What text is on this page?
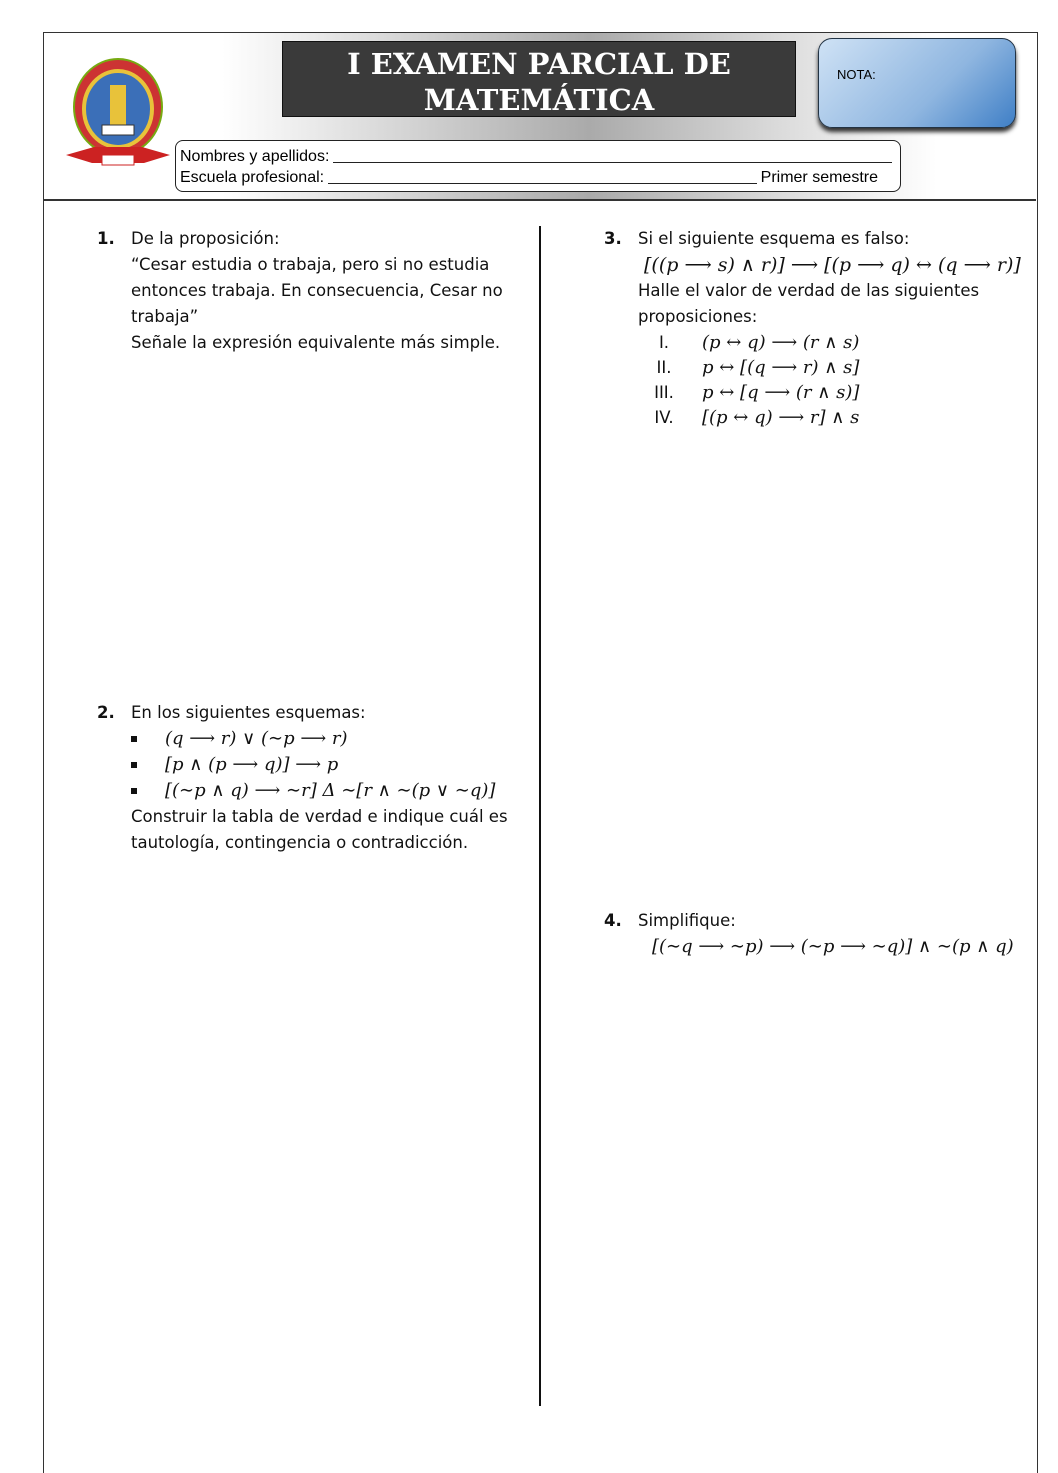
I EXAMEN PARCIAL DE
MATEMÁTICA
NOTA:
Nombres y apellidos:
Escuela profesional:	Primer semestre
1. De la proposición:
“Cesar estudia o trabaja, pero si no estudia
entonces trabaja. En consecuencia, Cesar no
trabaja”
Señale la expresión equivalente más simple.
2. En los siguientes esquemas:
(q ⟶ r) ∨ (∼p ⟶ r)
[p ∧ (p ⟶ q)] ⟶ p
[(∼p ∧ q) ⟶ ∼r] Δ ∼[r ∧ ∼(p ∨ ∼q)]
Construir la tabla de verdad e indique cuál es
tautología, contingencia o contradicción.
3. Si el siguiente esquema es falso:
[((p ⟶ s) ∧ r)] ⟶ [(p ⟶ q) ↔ (q ⟶ r)]
Halle el valor de verdad de las siguientes
proposiciones:
I.	(p ↔ q) ⟶ (r ∧ s)
II.	p ↔ [(q ⟶ r) ∧ s]
III.	p ↔ [q ⟶ (r ∧ s)]
IV.	[(p ↔ q) ⟶ r] ∧ s
4. Simplifique:
[(∼q ⟶ ∼p) ⟶ (∼p ⟶ ∼q)] ∧ ∼(p ∧ q)
